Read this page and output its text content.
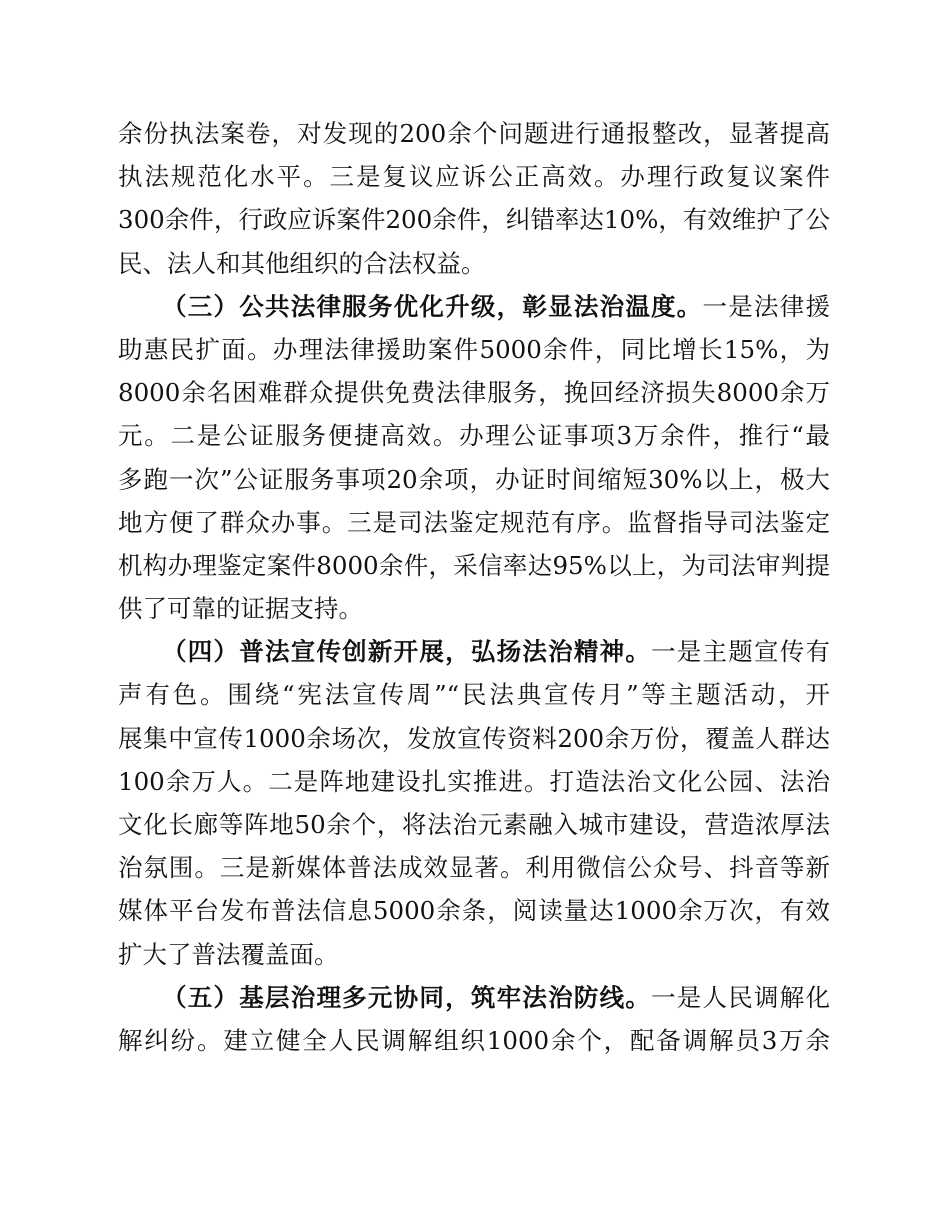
余份执法案卷，对发现的200余个问题进行通报整改，显著提高
执法规范化水平。三是复议应诉公正高效。办理行政复议案件
300余件，行政应诉案件200余件，纠错率达10%，有效维护了公
民、法人和其他组织的合法权益。
（三）公共法律服务优化升级，彰显法治温度。一是法律援
助惠民扩面。办理法律援助案件5000余件，同比增长15%，为
8000余名困难群众提供免费法律服务，挽回经济损失8000余万
元。二是公证服务便捷高效。办理公证事项3万余件，推行“最
多跑一次”公证服务事项20余项，办证时间缩短30%以上，极大
地方便了群众办事。三是司法鉴定规范有序。监督指导司法鉴定
机构办理鉴定案件8000余件，采信率达95%以上，为司法审判提
供了可靠的证据支持。
（四）普法宣传创新开展，弘扬法治精神。一是主题宣传有
声有色。围绕“宪法宣传周”“民法典宣传月”等主题活动，开
展集中宣传1000余场次，发放宣传资料200余万份，覆盖人群达
100余万人。二是阵地建设扎实推进。打造法治文化公园、法治
文化长廊等阵地50余个，将法治元素融入城市建设，营造浓厚法
治氛围。三是新媒体普法成效显著。利用微信公众号、抖音等新
媒体平台发布普法信息5000余条，阅读量达1000余万次，有效
扩大了普法覆盖面。
（五）基层治理多元协同，筑牢法治防线。一是人民调解化
解纠纷。建立健全人民调解组织1000余个，配备调解员3万余
